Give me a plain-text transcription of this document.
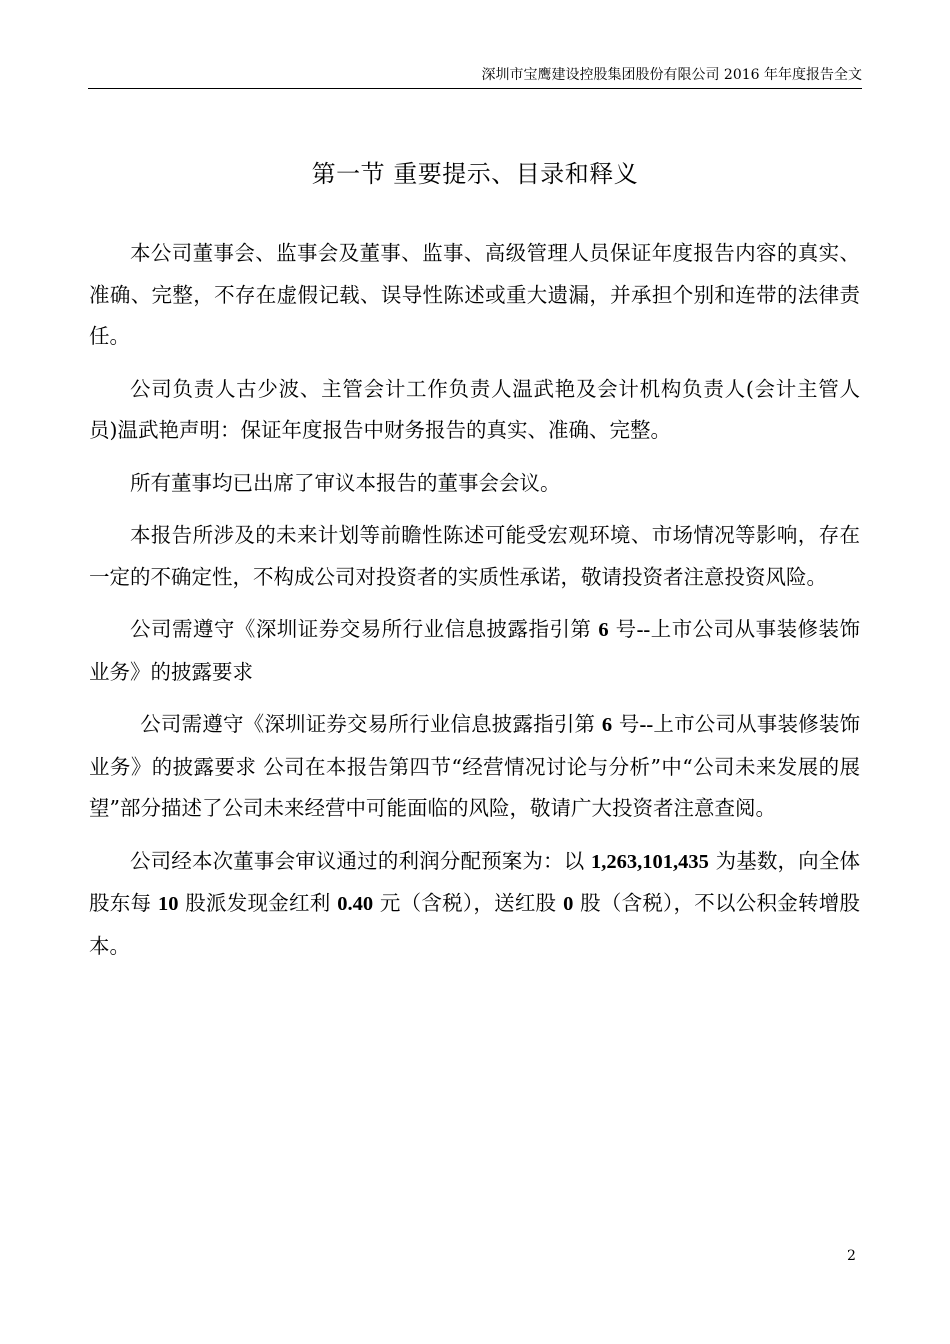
深圳市宝鹰建设控股集团股份有限公司 2016 年年度报告全文
第一节 重要提示、目录和释义

本公司董事会、监事会及董事、监事、高级管理人员保证年度报告内容的真实、准确、完整，不存在虚假记载、误导性陈述或重大遗漏，并承担个别和连带的法律责任。

公司负责人古少波、主管会计工作负责人温武艳及会计机构负责人(会计主管人员)温武艳声明：保证年度报告中财务报告的真实、准确、完整。

所有董事均已出席了审议本报告的董事会会议。

本报告所涉及的未来计划等前瞻性陈述可能受宏观环境、市场情况等影响，存在一定的不确定性，不构成公司对投资者的实质性承诺，敬请投资者注意投资风险。

公司需遵守《深圳证券交易所行业信息披露指引第 6 号--上市公司从事装修装饰业务》的披露要求

公司需遵守《深圳证券交易所行业信息披露指引第 6 号--上市公司从事装修装饰业务》的披露要求 公司在本报告第四节“经营情况讨论与分析”中“公司未来发展的展望”部分描述了公司未来经营中可能面临的风险，敬请广大投资者注意查阅。

公司经本次董事会审议通过的利润分配预案为：以 1,263,101,435 为基数，向全体股东每 10 股派发现金红利 0.40 元（含税），送红股 0 股（含税），不以公积金转增股本。

2
